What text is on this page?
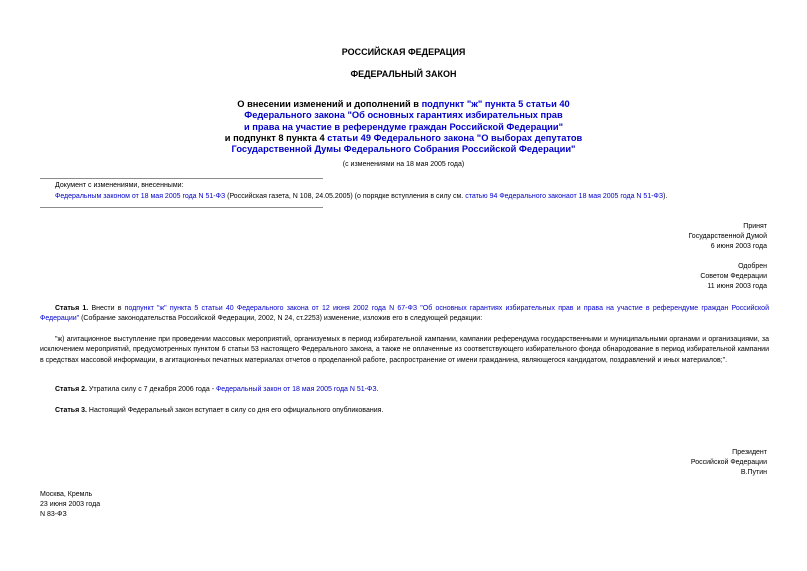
РОССИЙСКАЯ ФЕДЕРАЦИЯ
ФЕДЕРАЛЬНЫЙ ЗАКОН
О внесении изменений и дополнений в подпункт "ж" пункта 5 статьи 40
Федерального закона "Об основных гарантиях избирательных прав
и права на участие в референдуме граждан Российской Федерации"
и подпункт 8 пункта 4 статьи 49 Федерального закона "О выборах депутатов
Государственной Думы Федерального Собрания Российской Федерации"
(с изменениями на 18 мая 2005 года)
Документ с изменениями, внесенными:
Федеральным законом от 18 мая 2005 года N 51-ФЗ (Российская газета, N 108, 24.05.2005) (о порядке вступления в силу см. статью 94 Федерального законаот 18 мая 2005 года N 51-ФЗ).
Принят
Государственной Думой
6 июня 2003 года
Одобрен
Советом Федерации
11 июня 2003 года
Статья 1. Внести в подпункт "ж" пункта 5 статьи 40 Федерального закона от 12 июня 2002 года N 67-ФЗ "Об основных гарантиях избирательных прав и права на участие в референдуме граждан Российской Федерации" (Собрание законодательства Российской Федерации, 2002, N 24, ст.2253) изменение, изложив его в следующей редакции:
"ж) агитационное выступление при проведении массовых мероприятий, организуемых в период избирательной кампании, кампании референдума государственными и муниципальными органами и организациями, за исключением мероприятий, предусмотренных пунктом 6 статьи 53 настоящего Федерального закона, а также не оплаченные из соответствующего избирательного фонда обнародование в период избирательной кампании в средствах массовой информации, в агитационных печатных материалах отчетов о проделанной работе, распространение от имени гражданина, являющегося кандидатом, поздравлений и иных материалов;".
Статья 2. Утратила силу с 7 декабря 2006 года - Федеральный закон от 18 мая 2005 года N 51-ФЗ.
Статья 3. Настоящий Федеральный закон вступает в силу со дня его официального опубликования.
Президент
Российской Федерации
В.Путин
Москва, Кремль
23 июня 2003 года
N 83-ФЗ
